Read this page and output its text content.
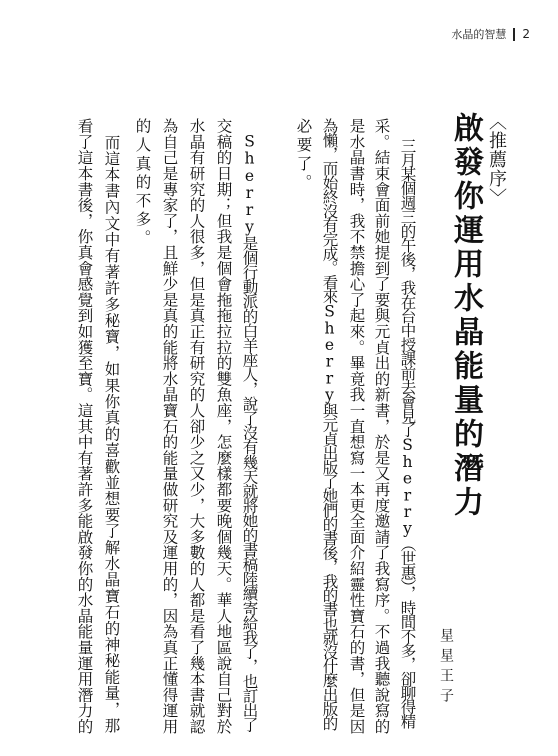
水晶的智慧 2
〈推薦序〉
啟發你運用水晶能量的潛力
三月某個週三的午後，我在台中授課前去會見了Sherry（世惠），時間不多，卻聊得精
采。結束會面前她提到了要與元貞出的新書，於是又再度邀請了我寫序。不過我聽說寫的
是水晶書時，我不禁擔心了起來。畢竟我一直想寫一本更全面介紹靈性寶石的書，但是因
為懶，而始終沒有完成。看來Sherry與元貞出版了她們的書後，我的書也就沒什麼出版的
必要了。
　Sherry是個行動派的白羊座人，說了沒有幾天就將她的書稿陸續寄給我了，也訂出了
交稿的日期；但我是個會拖拖拉拉的雙魚座，怎麼樣都要晚個幾天。華人地區說自己對於
水晶有研究的人很多，但是真正有研究的人卻少之又少，大多數的人都是看了幾本書就認
為自己是專家了，且鮮少是真的能將水晶寶石的能量做研究及運用的，因為真正懂得運用
的人真的不多。
　而這本書內文中有著許多秘寶，如果你真的喜歡並想要了解水晶寶石的神秘能量，那
看了這本書後，你真會感覺到如獲至寶。這其中有著許多能啟發你的水晶能量運用潛力的	星星王子
